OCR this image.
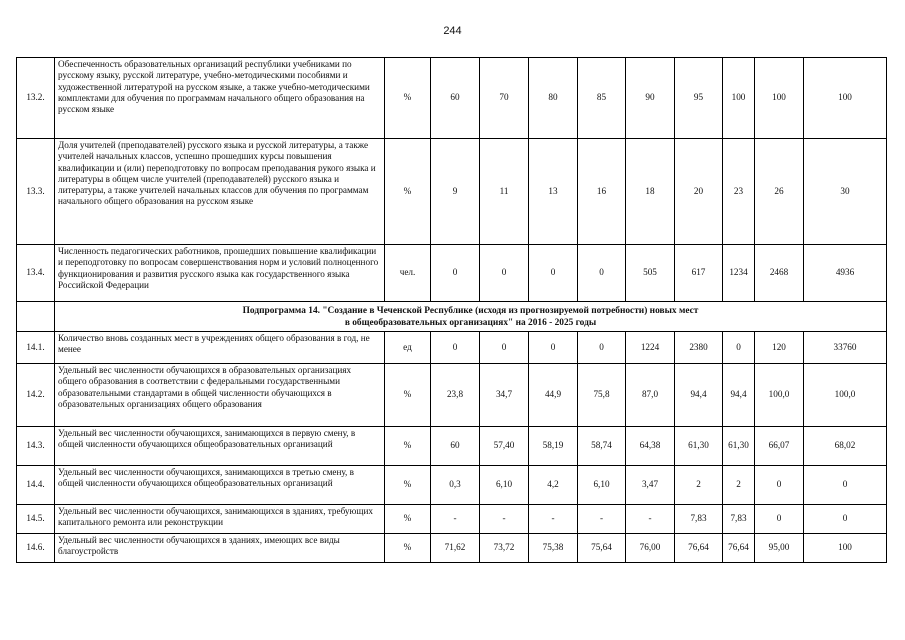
244
13.2.	Обеспеченность образовательных организаций республики учебниками по русскому языку, русской литературе, учебно-методическими пособиями и художественной литературой на русском языке, а также учебно-методическими комплектами для обучения по программам начального общего образования на русском языке	%	60	70	80	85	90	95	100	100	100
13.3.	Доля учителей (преподавателей) русского языка и русской литературы, а также учителей начальных классов, успешно прошедших курсы повышения квалификации и (или) переподготовку по вопросам преподавания рукого языка и литературы в общем числе учителей (преподавателей) русского языка и литературы, а также учителей начальных классов для обучения по программам начального общего образования на русском языке	%	9	11	13	16	18	20	23	26	30
13.4.	Численность педагогических работников, прошедших повышение квалификации и переподготовку по вопросам совершенствования норм и условий полноценного функционирования и развития русского языка как государственного языка Российской Федерации	чел.	0	0	0	0	505	617	1234	2468	4936

	Подпрограмма 14. "Создание в Чеченской Республике (исходя из прогнозируемой потребности) новых мест
в общеобразовательных организациях" на 2016 - 2025 годы										

14.1.	Количество вновь созданных мест в учреждениях общего образования в год, не менее	ед	0	0	0	0	1224	2380	0	120	33760
14.2.	Удельный вес численности обучающихся в образовательных организациях общего образования в соответствии с федеральными государственными образовательными стандартами в общей численности обучающихся в образовательных организациях общего образования	%	23,8	34,7	44,9	75,8	87,0	94,4	94,4	100,0	100,0
14.3.	Удельный вес численности обучающихся, занимающихся в первую смену, в общей численности обучающихся общеобразовательных организаций	%	60	57,40	58,19	58,74	64,38	61,30	61,30	66,07	68,02
14.4.	Удельный вес численности обучающихся, занимающихся в третью смену, в общей численности обучающихся общеобразовательных организаций	%	0,3	6,10	4,2	6,10	3,47	2	2	0	0
14.5.	Удельный вес численности обучающихся, занимающихся в зданиях, требующих капитального ремонта или реконструкции	%	-	-	-	-	-	7,83	7,83	0	0
14.6.	Удельный вес численности обучающихся в зданиях, имеющих все виды благоустройств	%	71,62	73,72	75,38	75,64	76,00	76,64	76,64	95,00	100
